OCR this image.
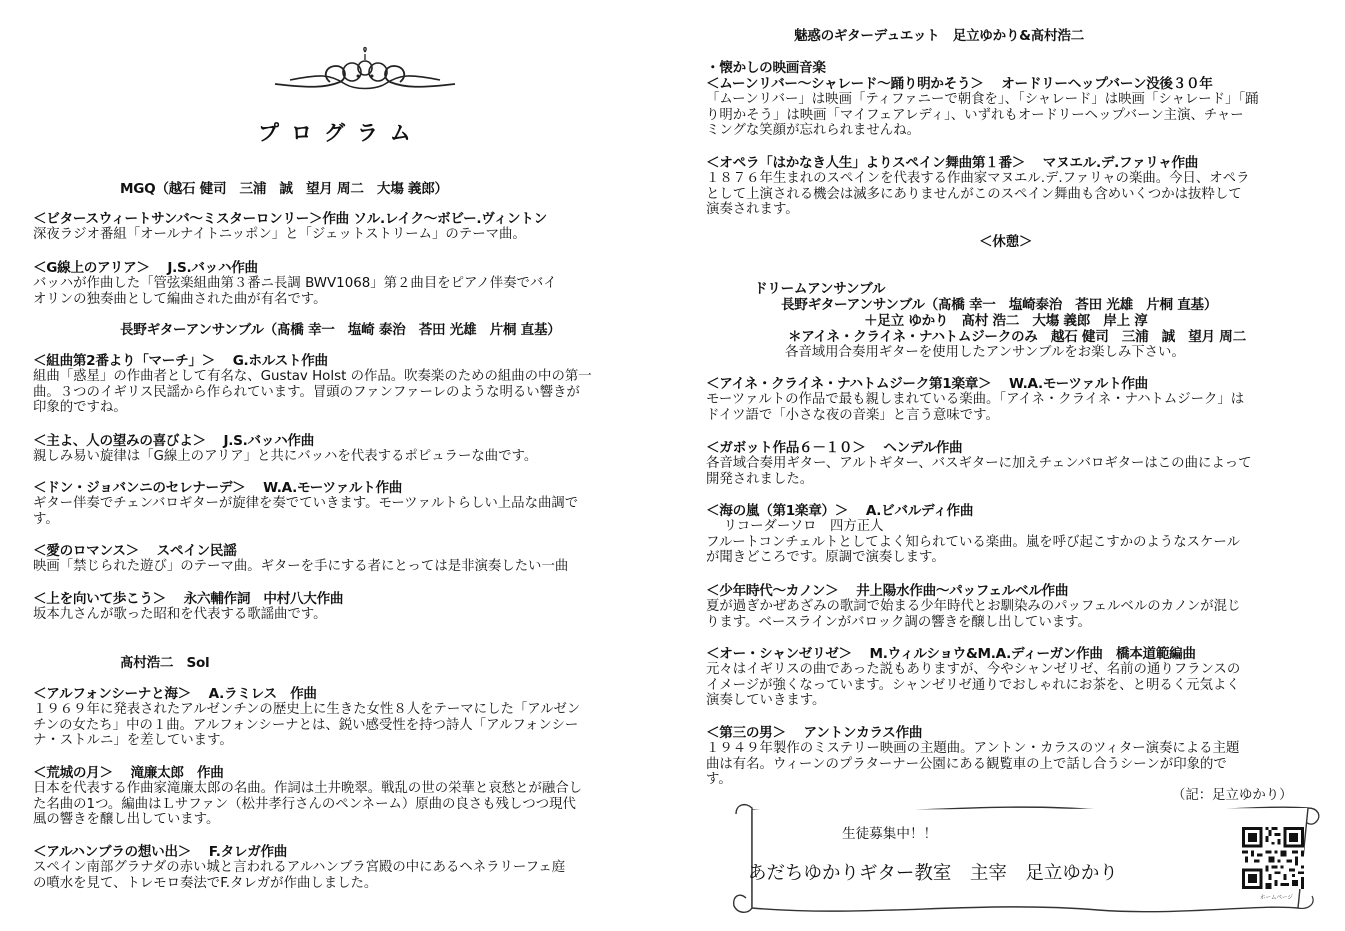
プログラム
MGQ（越石 健司　三浦　誠　望月 周二　大塲 義郎）
＜ビタースウィートサンバ～ミスターロンリー＞作曲 ソル.レイク～ボビー.ヴィントン
深夜ラジオ番組「オールナイトニッポン」と「ジェットストリーム」のテーマ曲。
＜G線上のアリア＞　 J.S.バッハ作曲
バッハが作曲した「管弦楽組曲第３番ニ長調 BWV1068」第２曲目をピアノ伴奏でバイ
オリンの独奏曲として編曲された曲が有名です。
長野ギターアンサンブル（髙橋 幸一　塩崎 泰治　荅田 光雄　片桐 直基）
＜組曲第2番より「マーチ」＞　 G.ホルスト作曲
組曲「惑星」の作曲者として有名な、Gustav Holst の作品。吹奏楽のための組曲の中の第一
曲。３つのイギリス民謡から作られています。冒頭のファンファーレのような明るい響きが
印象的ですね。
＜主よ、人の望みの喜びよ＞　 J.S.バッハ作曲
親しみ易い旋律は「G線上のアリア」と共にバッハを代表するポピュラーな曲です。
＜ドン・ジョバンニのセレナーデ＞　 W.A.モーツァルト作曲
ギター伴奏でチェンバロギターが旋律を奏でていきます。モーツァルトらしい上品な曲調で
す。
＜愛のロマンス＞　 スペイン民謡
映画「禁じられた遊び」のテーマ曲。ギターを手にする者にとっては是非演奏したい一曲
＜上を向いて歩こう＞　 永六輔作詞　中村八大作曲
坂本九さんが歌った昭和を代表する歌謡曲です。
髙村浩二　Sol
＜アルフォンシーナと海＞　 A.ラミレス　作曲
１９６９年に発表されたアルゼンチンの歴史上に生きた女性８人をテーマにした「アルゼン
チンの女たち」中の１曲。アルフォンシーナとは、鋭い感受性を持つ詩人「アルフォンシー
ナ・ストルニ」を差しています。
＜荒城の月＞　 滝廉太郎　作曲
日本を代表する作曲家滝廉太郎の名曲。作詞は土井晩翠。戦乱の世の栄華と哀愁とが融合し
た名曲の1つ。編曲はＬサファン（松井孝行さんのペンネーム）原曲の良さも残しつつ現代
風の響きを醸し出しています。
＜アルハンブラの想い出＞　 F.タレガ作曲
スペイン南部グラナダの赤い城と言われるアルハンブラ宮殿の中にあるヘネラリーフェ庭
の噴水を見て、トレモロ奏法でF.タレガが作曲しました。
魅惑のギターデュエット　足立ゆかり&髙村浩二
・懐かしの映画音楽
＜ムーンリバー～シャレード～踊り明かそう＞　 オードリーヘップバーン没後３０年
「ムーンリバー」は映画「ティファニーで朝食を」、「シャレード」は映画「シャレード」「踊
り明かそう」は映画「マイフェアレディ」、いずれもオードリーヘップバーン主演、チャー
ミングな笑顔が忘れられませんね。
＜オペラ「はかなき人生」よりスペイン舞曲第１番＞　 マヌエル.デ.ファリャ作曲
１８７６年生まれのスペインを代表する作曲家マヌエル.デ.ファリャの楽曲。今日、オペラ
として上演される機会は滅多にありませんがこのスペイン舞曲も含めいくつかは抜粋して
演奏されます。
＜休憩＞
ドリームアンサンブル
長野ギターアンサンブル（髙橋 幸一　塩崎泰治　荅田 光雄　片桐 直基）
＋足立 ゆかり　髙村 浩二　大塲 義郎　岸上 淳
＊アイネ・クライネ・ナハトムジークのみ　越石 健司　三浦　誠　望月 周二
各音域用合奏用ギターを使用したアンサンブルをお楽しみ下さい。
＜アイネ・クライネ・ナハトムジーク第1楽章＞　 W.A.モーツァルト作曲
モーツァルトの作品で最も親しまれている楽曲。「アイネ・クライネ・ナハトムジーク」は
ドイツ語で「小さな夜の音楽」と言う意味です。
＜ガボット作品６－１０＞　 ヘンデル作曲
各音域合奏用ギター、アルトギター、バスギターに加えチェンバロギターはこの曲によって
開発されました。
＜海の嵐（第1楽章）＞　 A.ビバルディ作曲
　 リコーダーソロ　四方正人
フルートコンチェルトとしてよく知られている楽曲。嵐を呼び起こすかのようなスケール
が聞きどころです。原調で演奏します。
＜少年時代～カノン＞　 井上陽水作曲～パッフェルベル作曲
夏が過ぎかぜあざみの歌詞で始まる少年時代とお馴染みのパッフェルベルのカノンが混じ
ります。ベースラインがバロック調の響きを醸し出しています。
＜オー・シャンゼリゼ＞　 M.ウィルショウ&M.A.ディーガン作曲　橋本道範編曲
元々はイギリスの曲であった説もありますが、今やシャンゼリゼ、名前の通りフランスの
イメージが強くなっています。シャンゼリゼ通りでおしゃれにお茶を、と明るく元気よく
演奏していきます。
＜第三の男＞　 アントンカラス作曲
１９４９年製作のミステリー映画の主題曲。アントン・カラスのツィター演奏による主題
曲は有名。ウィーンのプラターナー公園にある観覧車の上で話し合うシーンが印象的で
す。
（記：足立ゆかり）
生徒募集中！！
あだちゆかりギター教室　主宰　足立ゆかり
ホームページ
